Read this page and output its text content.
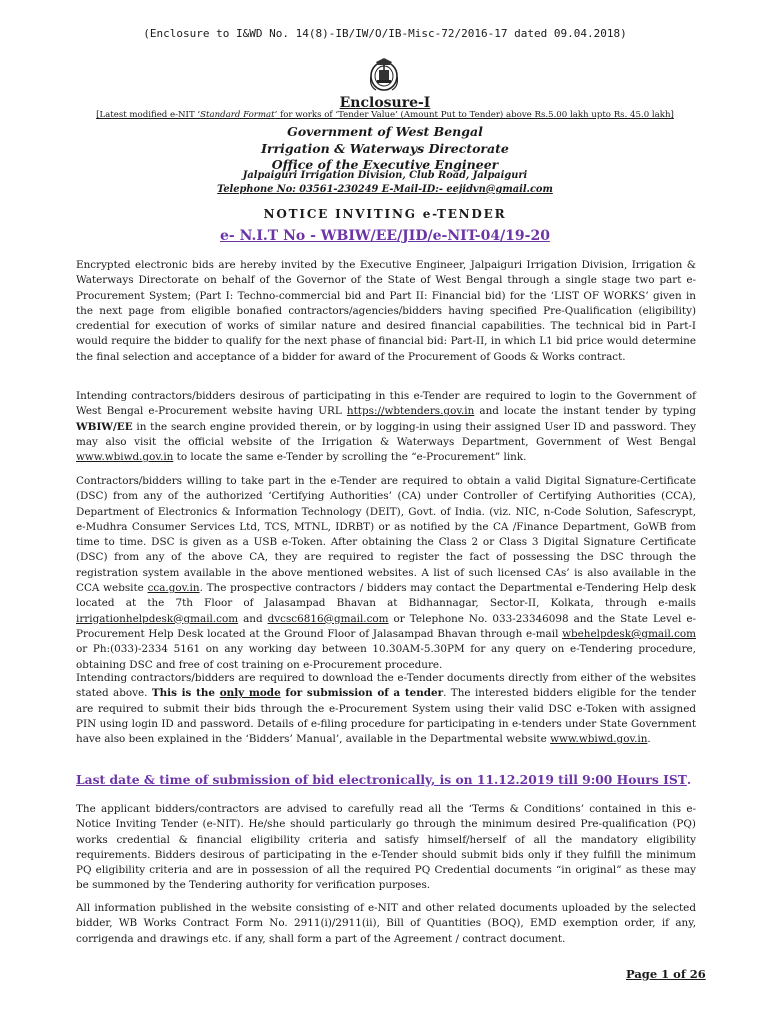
(Enclosure to I&WD No. 14(8)-IB/IW/O/IB-Misc-72/2016-17 dated 09.04.2018)
Enclosure-I
[Latest modified e-NIT ‘Standard Format’ for works of ‘Tender Value’ (Amount Put to Tender) above Rs.5.00 lakh upto Rs. 45.0 lakh]
Government of West Bengal
Irrigation & Waterways Directorate
Office of the Executive Engineer
Jalpaiguri Irrigation Division, Club Road, Jalpaiguri
Telephone No: 03561-230249 E-Mail-ID:- eejidvn@gmail.com
NOTICE INVITING e-TENDER
e- N.I.T No - WBIW/EE/JID/e-NIT-04/19-20
Encrypted electronic bids are hereby invited by the Executive Engineer, Jalpaiguri Irrigation Division, Irrigation & Waterways Directorate on behalf of the Governor of the State of West Bengal through a single stage two part e-Procurement System; (Part I: Techno-commercial bid and Part II: Financial bid) for the ‘LIST OF WORKS’ given in the next page from eligible bonafied contractors/agencies/bidders having specified Pre-Qualification (eligibility) credential for execution of works of similar nature and desired financial capabilities. The technical bid in Part-I would require the bidder to qualify for the next phase of financial bid: Part-II, in which L1 bid price would determine the final selection and acceptance of a bidder for award of the Procurement of Goods & Works contract.
Intending contractors/bidders desirous of participating in this e-Tender are required to login to the Government of West Bengal e-Procurement website having URL https://wbtenders.gov.in and locate the instant tender by typing WBIW/EE in the search engine provided therein, or by logging-in using their assigned User ID and password. They may also visit the official website of the Irrigation & Waterways Department, Government of West Bengal www.wbiwd.gov.in to locate the same e-Tender by scrolling the “e-Procurement” link.
Contractors/bidders willing to take part in the e-Tender are required to obtain a valid Digital Signature-Certificate (DSC) from any of the authorized ‘Certifying Authorities’ (CA) under Controller of Certifying Authorities (CCA), Department of Electronics & Information Technology (DEIT), Govt. of India. (viz. NIC, n-Code Solution, Safescrypt, e-Mudhra Consumer Services Ltd, TCS, MTNL, IDRBT) or as notified by the CA /Finance Department, GoWB from time to time. DSC is given as a USB e-Token. After obtaining the Class 2 or Class 3 Digital Signature Certificate (DSC) from any of the above CA, they are required to register the fact of possessing the DSC through the registration system available in the above mentioned websites. A list of such licensed CAs’ is also available in the CCA website cca.gov.in. The prospective contractors / bidders may contact the Departmental e-Tendering Help desk located at the 7th Floor of Jalasampad Bhavan at Bidhannagar, Sector-II, Kolkata, through e-mails irrigationhelpdesk@gmail.com and dvcsc6816@gmail.com or Telephone No. 033-23346098 and the State Level e-Procurement Help Desk located at the Ground Floor of Jalasampad Bhavan through e-mail wbehelpdesk@gmail.com or Ph:(033)-2334 5161 on any working day between 10.30AM-5.30PM for any query on e-Tendering procedure, obtaining DSC and free of cost training on e-Procurement procedure.
Intending contractors/bidders are required to download the e-Tender documents directly from either of the websites stated above. This is the only mode for submission of a tender. The interested bidders eligible for the tender are required to submit their bids through the e-Procurement System using their valid DSC e-Token with assigned PIN using login ID and password. Details of e-filing procedure for participating in e-tenders under State Government have also been explained in the ‘Bidders’ Manual’, available in the Departmental website www.wbiwd.gov.in.
Last date & time of submission of bid electronically, is on 11.12.2019 till 9:00 Hours IST.
The applicant bidders/contractors are advised to carefully read all the ‘Terms & Conditions’ contained in this e-Notice Inviting Tender (e-NIT). He/she should particularly go through the minimum desired Pre-qualification (PQ) works credential & financial eligibility criteria and satisfy himself/herself of all the mandatory eligibility requirements. Bidders desirous of participating in the e-Tender should submit bids only if they fulfill the minimum PQ eligibility criteria and are in possession of all the required PQ Credential documents “in original” as these may be summoned by the Tendering authority for verification purposes.
All information published in the website consisting of e-NIT and other related documents uploaded by the selected bidder, WB Works Contract Form No. 2911(i)/2911(ii), Bill of Quantities (BOQ), EMD exemption order, if any, corrigenda and drawings etc. if any, shall form a part of the Agreement / contract document.
Page 1 of 26
